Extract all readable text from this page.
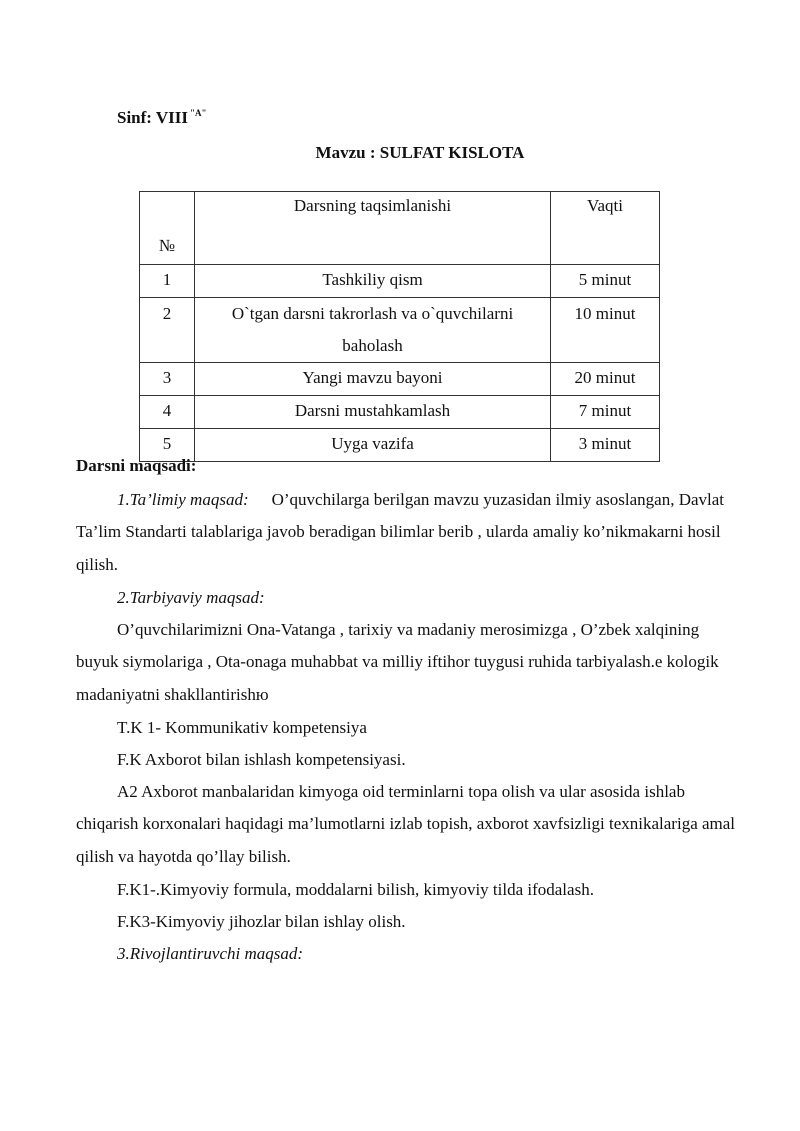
Sinf: VIII $^{"A"}$
Mavzu : SULFAT KISLOTA
№	Darsning taqsimlanishi	Vaqti
1	Tashkiliy qism	5 minut
2	O`tgan darsni takrorlash va o`quvchilarni baholash	10 minut
3	Yangi mavzu bayoni	20 minut
4	Darsni mustahkamlash	7 minut
5	Uyga vazifa	3 minut
Darsni maqsadi:
1.Ta’limiy maqsad: O’quvchilarga berilgan mavzu yuzasidan ilmiy asoslangan, Davlat Ta’lim Standarti talablariga javob beradigan bilimlar berib , ularda amaliy ko’nikmakarni hosil qilish.
2.Tarbiyaviy maqsad:
O’quvchilarimizni Ona-Vatanga , tarixiy va madaniy merosimizga , O’zbek xalqining buyuk siymolariga , Ota-onaga muhabbat va milliy iftihor tuygusi ruhida tarbiyalash.e kologik madaniyatni shakllantirishю
T.K 1- Kommunikativ kompetensiya
F.K Axborot bilan ishlash kompetensiyasi.
A2 Axborot manbalaridan kimyoga oid terminlarni topa olish va ular asosida ishlab chiqarish korxonalari haqidagi ma’lumotlarni izlab topish, axborot xavfsizligi texnikalariga amal qilish va hayotda qo’llay bilish.
F.K1-.Kimyoviy formula, moddalarni bilish, kimyoviy tilda ifodalash.
F.K3-Kimyoviy jihozlar bilan ishlay olish.
3.Rivojlantiruvchi maqsad:
